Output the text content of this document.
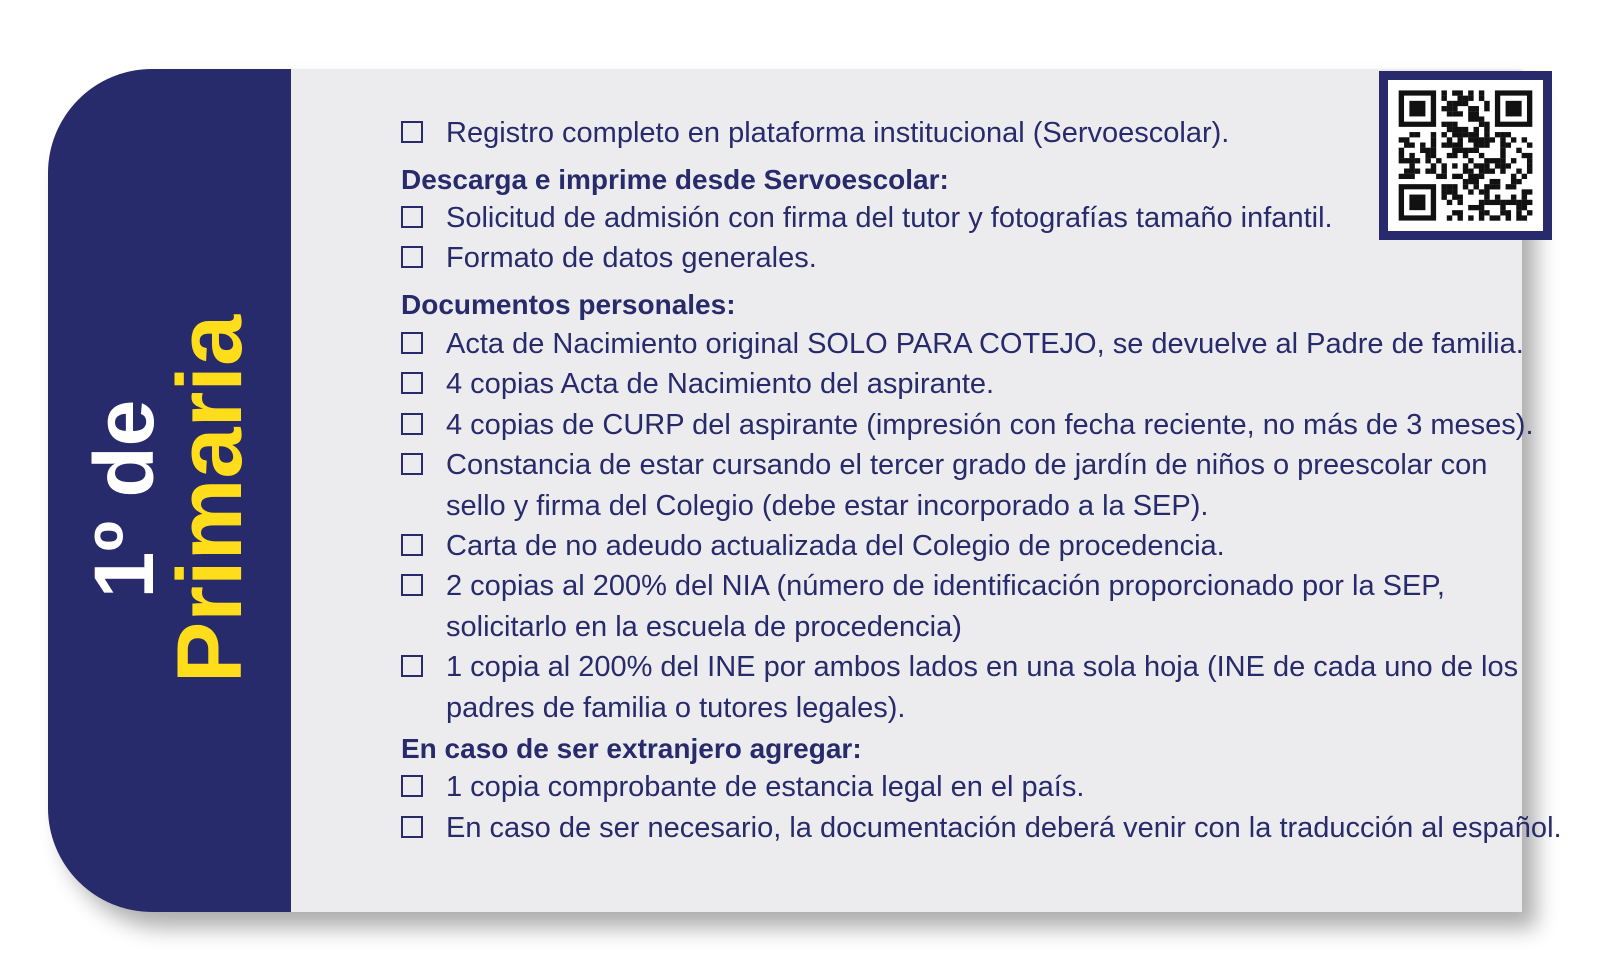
1º de
Primaria
Registro completo en plataforma institucional (Servoescolar).
Descarga e imprime desde Servoescolar:
Solicitud de admisión con firma del tutor y fotografías tamaño infantil.
Formato de datos generales.
Documentos personales:
Acta de Nacimiento original SOLO PARA COTEJO, se devuelve al Padre de familia.
4 copias Acta de Nacimiento del aspirante.
4 copias de CURP del aspirante (impresión con fecha reciente, no más de 3 meses).
Constancia de estar cursando el tercer grado de jardín de niños o preescolar con
sello y firma del Colegio (debe estar incorporado a la SEP).
Carta de no adeudo actualizada del Colegio de procedencia.
2 copias al 200% del NIA (número de identificación proporcionado por la SEP,
solicitarlo en la escuela de procedencia)
1 copia al 200% del INE por ambos lados en una sola hoja (INE de cada uno de los
padres de familia o tutores legales).
En caso de ser extranjero agregar:
1 copia comprobante de estancia legal en el país.
En caso de ser necesario, la documentación deberá venir con la traducción al español.
